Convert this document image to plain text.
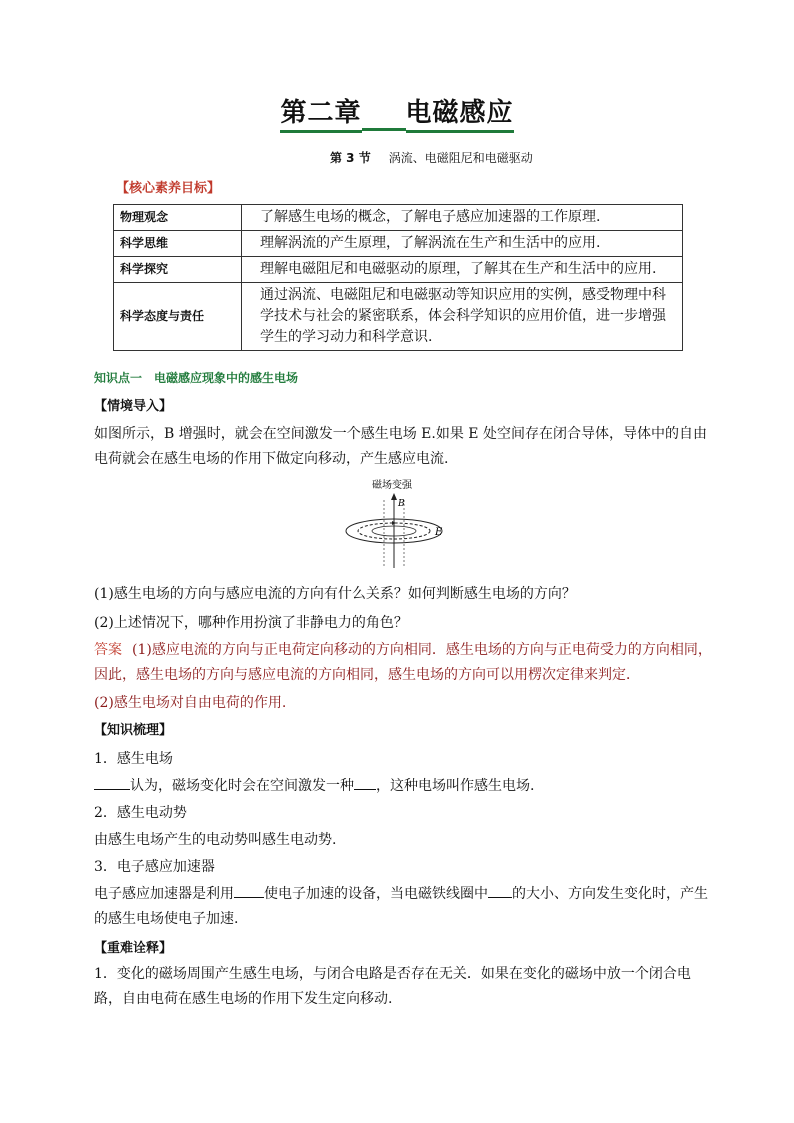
第二章 电磁感应
第 3 节 涡流、电磁阻尼和电磁驱动
【核心素养目标】
物理观念	了解感生电场的概念，了解电子感应加速器的工作原理.
科学思维	理解涡流的产生原理，了解涡流在生产和生活中的应用.
科学探究	理解电磁阻尼和电磁驱动的原理，了解其在生产和生活中的应用.
科学态度与责任	通过涡流、电磁阻尼和电磁驱动等知识应用的实例，感受物理中科学技术与社会的紧密联系，体会科学知识的应用价值，进一步增强学生的学习动力和科学意识.
知识点一　电磁感应现象中的感生电场
【情境导入】
如图所示，B 增强时，就会在空间激发一个感生电场 E.如果 E 处空间存在闭合导体，导体中的自由电荷就会在感生电场的作用下做定向移动，产生感应电流.
磁场变强
B
E
(1)感生电场的方向与感应电流的方向有什么关系？如何判断感生电场的方向？
(2)上述情况下，哪种作用扮演了非静电力的角色？
答案 (1)感应电流的方向与正电荷定向移动的方向相同．感生电场的方向与正电荷受力的方向相同，因此，感生电场的方向与感应电流的方向相同，感生电场的方向可以用楞次定律来判定．
(2)感生电场对自由电荷的作用.
【知识梳理】
1．感生电场
认为，磁场变化时会在空间激发一种 ，这种电场叫作感生电场.
2．感生电动势
由感生电场产生的电动势叫感生电动势.
3．电子感应加速器
电子感应加速器是利用 使电子加速的设备，当电磁铁线圈中 的大小、方向发生变化时，产生的感生电场使电子加速.
【重难诠释】
1．变化的磁场周围产生感生电场，与闭合电路是否存在无关．如果在变化的磁场中放一个闭合电路，自由电荷在感生电场的作用下发生定向移动.
